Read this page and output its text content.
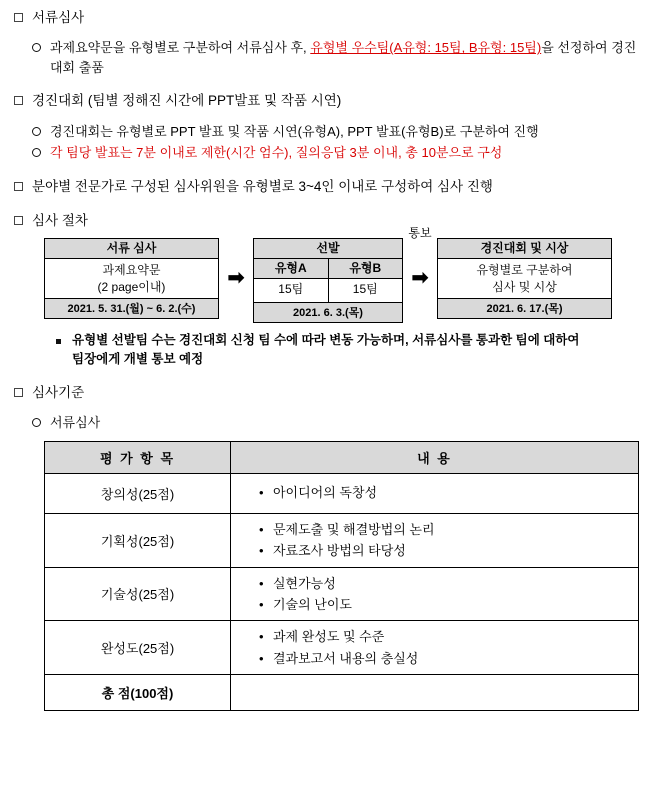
서류심사
과제요약문을 유형별로 구분하여 서류심사 후, 유형별 우수팀(A유형: 15팀, B유형: 15팀)을 선정하여 경진대회 출품
경진대회 (팀별 정해진 시간에 PPT발표 및 작품 시연)
경진대회는 유형별로 PPT 발표 및 작품 시연(유형A), PPT 발표(유형B)로 구분하여 진행
각 팀당 발표는 7분 이내로 제한(시간 엄수), 질의응답 3분 이내, 총 10분으로 구성
분야별 전문가로 구성된 심사위원을 유형별로 3~4인 이내로 구성하여 심사 진행
심사 절차
서류 심사
과제요약문
(2 page이내)
2021. 5. 31.(월) ~ 6. 2.(수)
➡
선발
유형A	유형B
15팀	15팀
2021. 6. 3.(목)
통보
➡
경진대회 및 시상
유형별로 구분하여
심사 및 시상
2021. 6. 17.(목)
유형별 선발팀 수는 경진대회 신청 팀 수에 따라 변동 가능하며, 서류심사를 통과한 팀에 대하여
팀장에게 개별 통보 예정
심사기준
서류심사
평 가 항 목	내 용
창의성(25점)	
•아이디어의 독창성

기획성(25점)	
• 문제도출 및 해결방법의 논리
• 자료조사 방법의 타당성

기술성(25점)	
• 실현가능성
• 기술의 난이도

완성도(25점)	
• 과제 완성도 및 수준
• 결과보고서 내용의 충실성

총 점(100점)	
